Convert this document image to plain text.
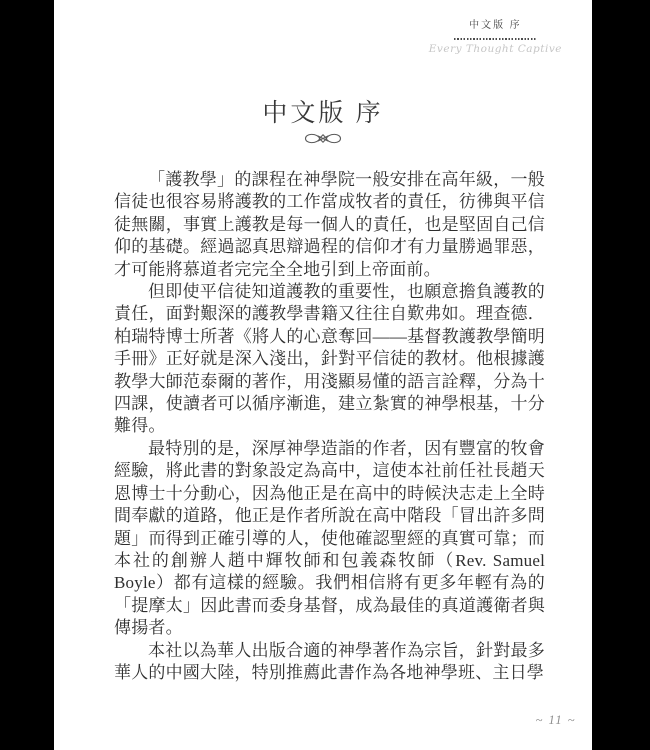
中文版 序
Every Thought Captive
中文版 序

「護教學」的課程在神學院一般安排在高年級，一般信徒也很容易將護教的工作當成牧者的責任，彷彿與平信徒無關，事實上護教是每一個人的責任，也是堅固自己信仰的基礎。經過認真思辯過程的信仰才有力量勝過罪惡，才可能將慕道者完完全全地引到上帝面前。

但即使平信徒知道護教的重要性，也願意擔負護教的責任，面對艱深的護教學書籍又往往自歎弗如。理查德．柏瑞特博士所著《將人的心意奪回——基督教護教學簡明手冊》正好就是深入淺出，針對平信徒的教材。他根據護教學大師范泰爾的著作，用淺顯易懂的語言詮釋，分為十四課，使讀者可以循序漸進，建立紮實的神學根基，十分難得。

最特別的是，深厚神學造詣的作者，因有豐富的牧會經驗，將此書的對象設定為高中，這使本社前任社長趙天恩博士十分動心，因為他正是在高中的時候決志走上全時間奉獻的道路，他正是作者所說在高中階段「冒出許多問題」而得到正確引導的人，使他確認聖經的真實可靠；而本社的創辦人趙中輝牧師和包義森牧師（Rev. Samuel Boyle）都有這樣的經驗。我們相信將有更多年輕有為的「提摩太」因此書而委身基督，成為最佳的真道護衛者與傳揚者。

本社以為華人出版合適的神學著作為宗旨，針對最多華人的中國大陸，特別推薦此書作為各地神學班、主日學

~ 11 ~
